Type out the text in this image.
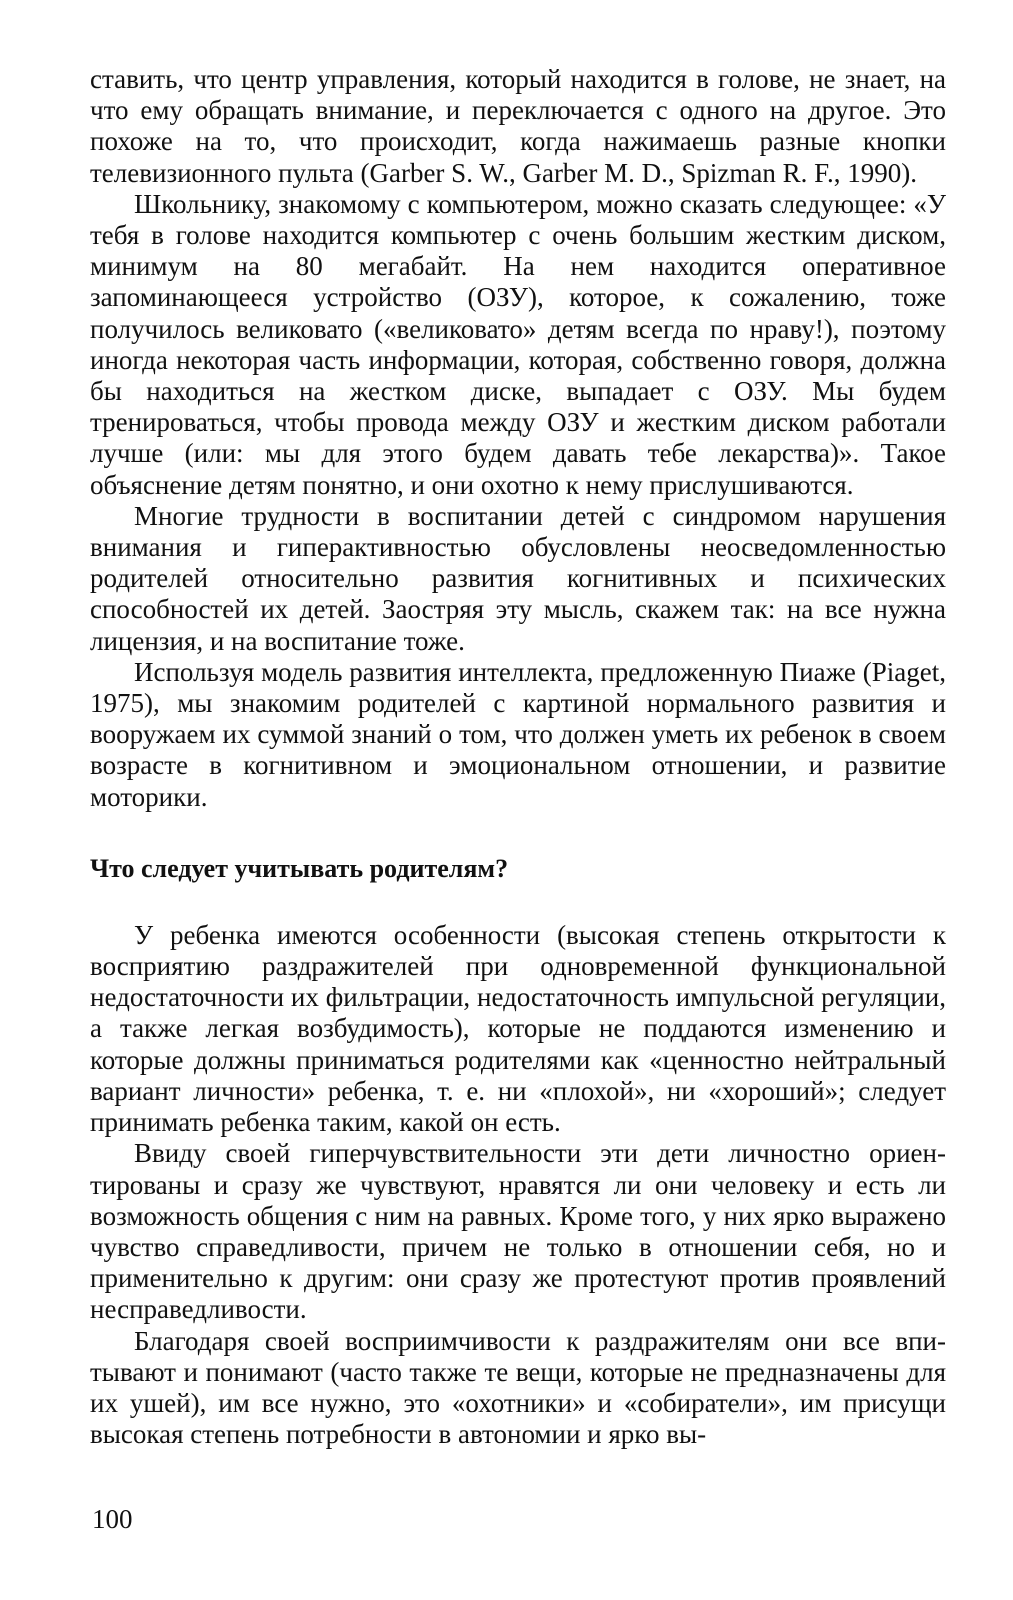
ставить, что центр управления, который находится в голове, не знает, на что ему обращать внимание, и переключается с одного на другое. Это похоже на то, что происходит, когда нажимаешь разные кнопки телевизионного пульта (Garber S. W., Garber M. D., Spizman R. F., 1990).

Школьнику, знакомому с компьютером, можно сказать следующее: «У тебя в голове находится компьютер с очень большим жестким диском, минимум на 80 мегабайт. На нем находится оперативное запоминающееся устройство (ОЗУ), которое, к сожалению, тоже получилось великовато («великовато» детям всегда по нраву!), поэтому иногда некоторая часть информации, которая, собственно говоря, должна бы находиться на жестком диске, выпадает с ОЗУ. Мы будем тренироваться, чтобы провода между ОЗУ и жестким диском работали лучше (или: мы для этого будем давать тебе лекарства)». Такое объяснение детям понятно, и они охотно к нему прислушиваются.

Многие трудности в воспитании детей с синдромом нарушения внимания и гиперактивностью обусловлены неосведомленностью родителей относительно развития когнитивных и психических способностей их детей. Заостряя эту мысль, скажем так: на все нужна лицензия, и на воспитание тоже.

Используя модель развития интеллекта, предложенную Пиаже (Piaget, 1975), мы знакомим родителей с картиной нормального развития и вооружаем их суммой знаний о том, что должен уметь их ребенок в своем возрасте в когнитивном и эмоциональном отношении, и развитие моторики.

Что следует учитывать родителям?

У ребенка имеются особенности (высокая степень открытости к восприятию раздражителей при одновременной функциональной недостаточности их фильтрации, недостаточность импульсной регуляции, а также легкая возбудимость), которые не поддаются изменению и которые должны приниматься родителями как «ценностно нейтральный вариант личности» ребенка, т. е. ни «плохой», ни «хороший»; следует принимать ребенка таким, какой он есть.

Ввиду своей гиперчувствительности эти дети личностно ориентированы и сразу же чувствуют, нравятся ли они человеку и есть ли возможность общения с ним на равных. Кроме того, у них ярко выражено чувство справедливости, причем не только в отношении себя, но и применительно к другим: они сразу же протестуют против проявлений несправедливости.

Благодаря своей восприимчивости к раздражителям они все впитывают и понимают (часто также те вещи, которые не предназначены для их ушей), им все нужно, это «охотники» и «собиратели», им присущи высокая степень потребности в автономии и ярко вы-

100
